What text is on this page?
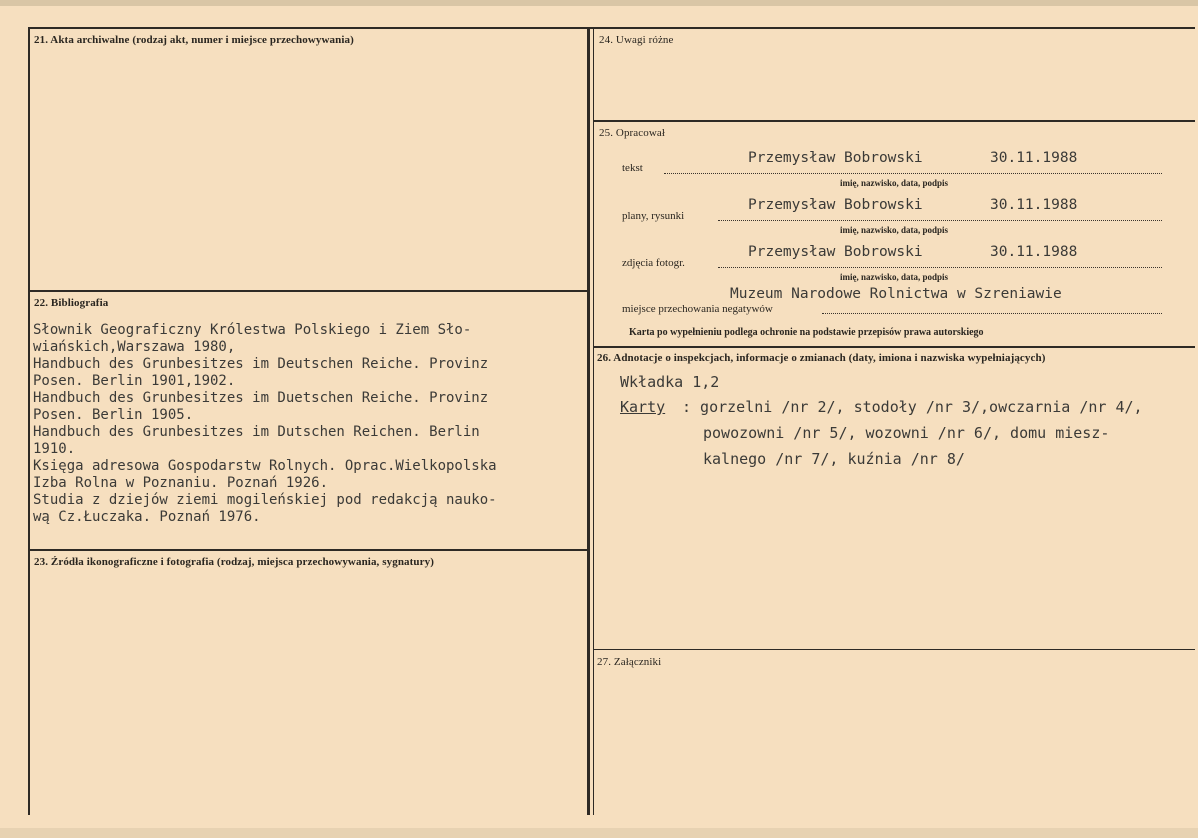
21. Akta archiwalne (rodzaj akt, numer i miejsce przechowywania)
22. Bibliografia
Słownik Geograficzny Królestwa Polskiego i Ziem Sło-
wiańskich,Warszawa 1980,
Handbuch des Grunbesitzes im Deutschen Reiche. Provinz
Posen. Berlin 1901,1902.
Handbuch des Grunbesitzes im Duetschen Reiche. Provinz
Posen. Berlin 1905.
Handbuch des Grunbesitzes im Dutschen Reichen. Berlin
1910.
Księga adresowa Gospodarstw Rolnych. Oprac.Wielkopolska
Izba Rolna w Poznaniu. Poznań 1926.
Studia z dziejów ziemi mogileńskiej pod redakcją nauko-
wą Cz.Łuczaka. Poznań 1976.
23. Źródła ikonograficzne i fotografia (rodzaj, miejsca przechowywania, sygnatury)
24. Uwagi różne
25. Opracował
tekst
Przemysław Bobrowski	30.11.1988
imię, nazwisko, data, podpis
plany, rysunki
Przemysław Bobrowski	30.11.1988
imię, nazwisko, data, podpis
zdjęcia fotogr.
Przemysław Bobrowski	30.11.1988
imię, nazwisko, data, podpis
Muzeum Narodowe Rolnictwa w Szreniawie
miejsce przechowania negatywów
Karta po wypełnieniu podlega ochronie na podstawie przepisów prawa autorskiego
26. Adnotacje o inspekcjach, informacje o zmianach (daty, imiona i nazwiska wypełniających)
Wkładka 1,2
Karty : gorzelni /nr 2/, stodoły /nr 3/,owczarnia /nr 4/,
powozowni /nr 5/, wozowni /nr 6/, domu miesz-
kalnego /nr 7/, kuźnia /nr 8/
27. Załączniki
